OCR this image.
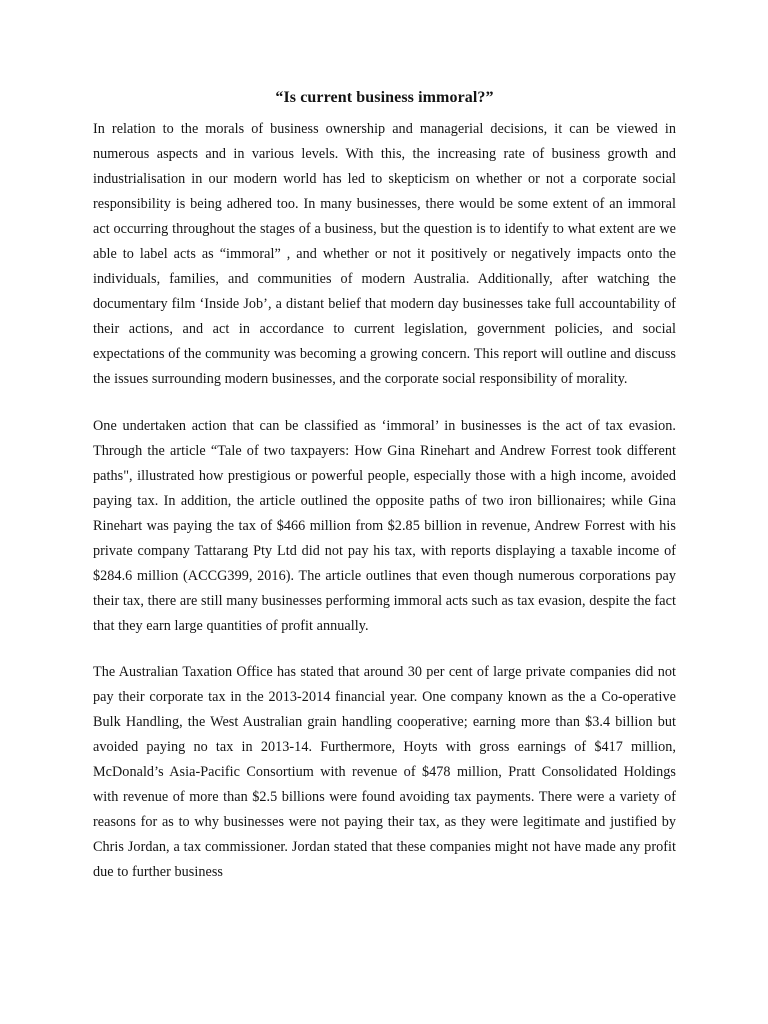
“Is current business immoral?”

In relation to the morals of business ownership and managerial decisions, it can be viewed in numerous aspects and in various levels. With this, the increasing rate of business growth and industrialisation in our modern world has led to skepticism on whether or not a corporate social responsibility is being adhered too. In many businesses, there would be some extent of an immoral act occurring throughout the stages of a business, but the question is to identify to what extent are we able to label acts as “immoral” , and whether or not it positively or negatively impacts onto the individuals, families, and communities of modern Australia. Additionally, after watching the documentary film ‘Inside Job’, a distant belief that modern day businesses take full accountability of their actions, and act in accordance to current legislation, government policies, and social expectations of the community was becoming a growing concern. This report will outline and discuss the issues surrounding modern businesses, and the corporate social responsibility of morality.

One undertaken action that can be classified as ‘immoral’ in businesses is the act of tax evasion. Through the article “Tale of two taxpayers: How Gina Rinehart and Andrew Forrest took different paths", illustrated how prestigious or powerful people, especially those with a high income, avoided paying tax. In addition, the article outlined the opposite paths of two iron billionaires; while Gina Rinehart was paying the tax of $466 million from $2.85 billion in revenue, Andrew Forrest with his private company Tattarang Pty Ltd did not pay his tax, with reports displaying a taxable income of $284.6 million (ACCG399, 2016). The article outlines that even though numerous corporations pay their tax, there are still many businesses performing immoral acts such as tax evasion, despite the fact that they earn large quantities of profit annually.

The Australian Taxation Office has stated that around 30 per cent of large private companies did not pay their corporate tax in the 2013-2014 financial year. One company known as the a Co-operative Bulk Handling, the West Australian grain handling cooperative; earning more than $3.4 billion but avoided paying no tax in 2013-14. Furthermore, Hoyts with gross earnings of $417 million, McDonald’s Asia-Pacific Consortium with revenue of $478 million, Pratt Consolidated Holdings with revenue of more than $2.5 billions were found avoiding tax payments. There were a variety of reasons for as to why businesses were not paying their tax, as they were legitimate and justified by Chris Jordan, a tax commissioner. Jordan stated that these companies might not have made any profit due to further business
